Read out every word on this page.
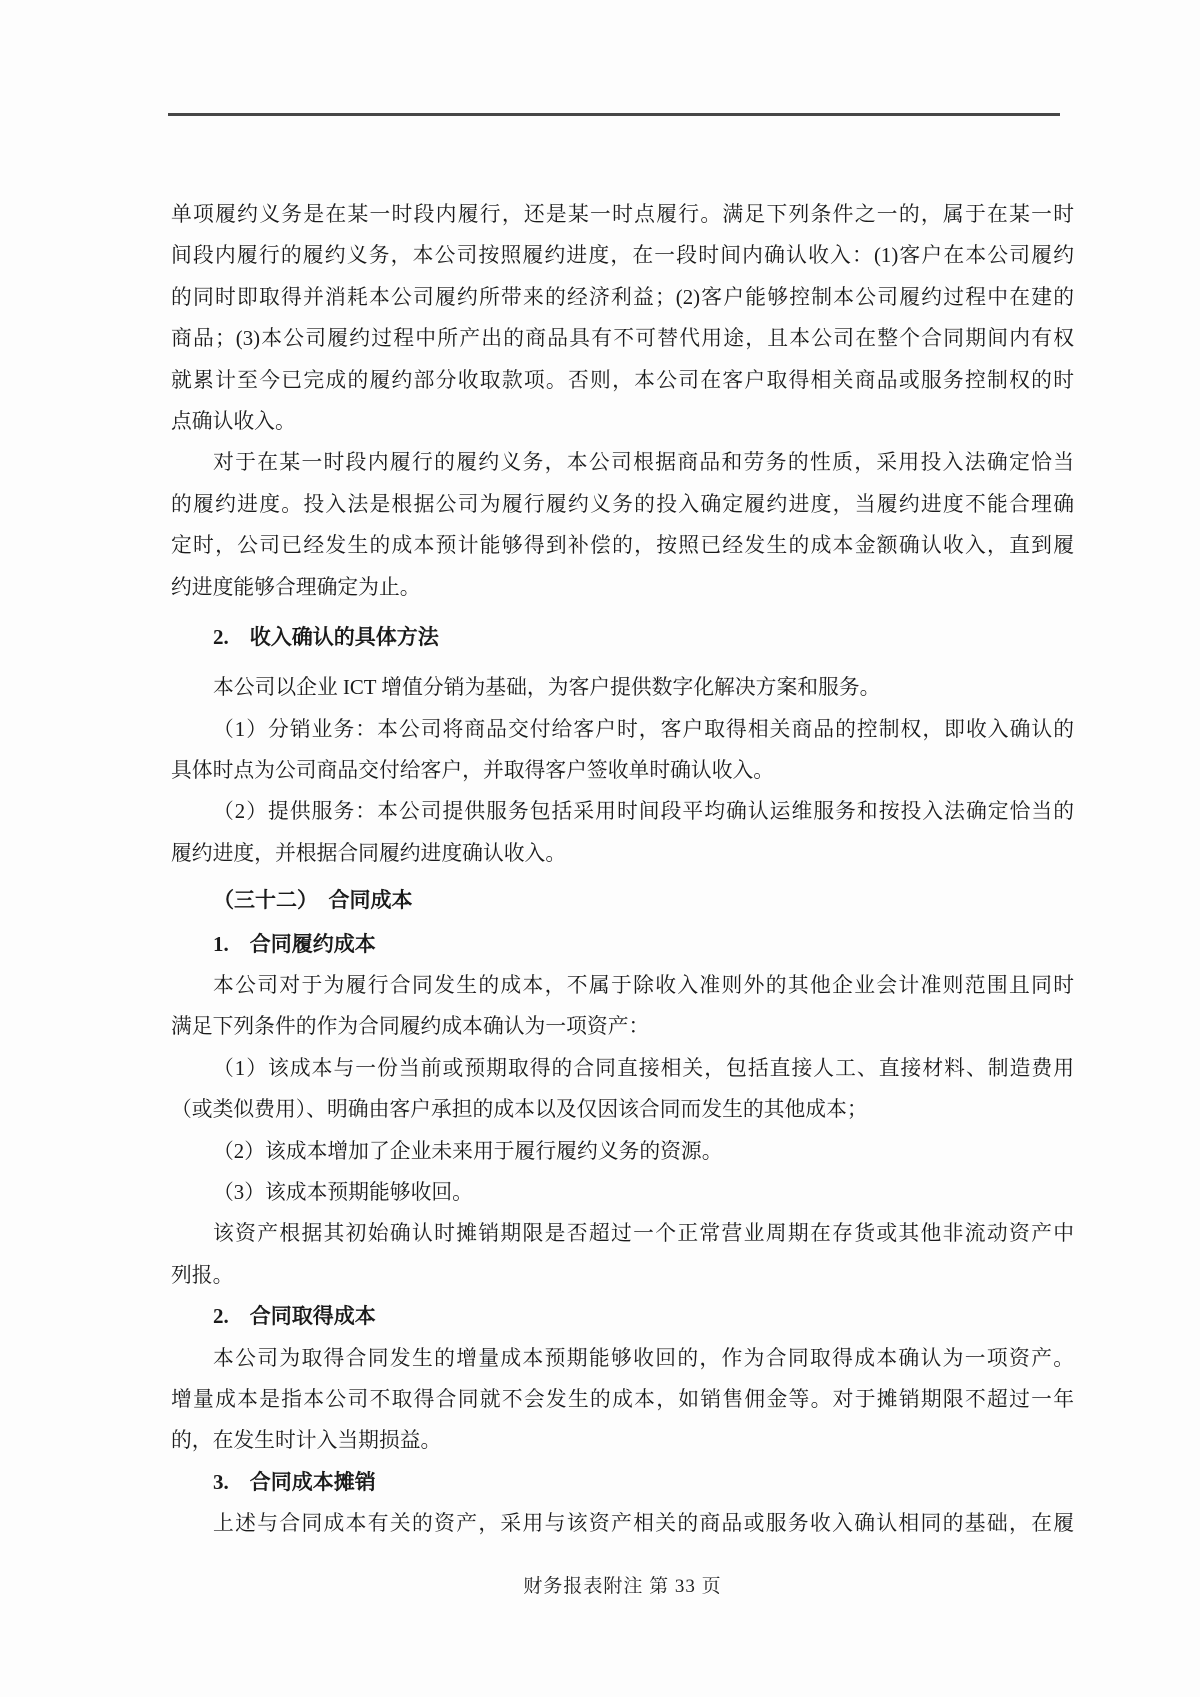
单项履约义务是在某一时段内履行，还是某一时点履行。满足下列条件之一的，属于在某一时
间段内履行的履约义务，本公司按照履约进度，在一段时间内确认收入：(1)客户在本公司履约
的同时即取得并消耗本公司履约所带来的经济利益；(2)客户能够控制本公司履约过程中在建的
商品；(3)本公司履约过程中所产出的商品具有不可替代用途，且本公司在整个合同期间内有权
就累计至今已完成的履约部分收取款项。否则，本公司在客户取得相关商品或服务控制权的时
点确认收入。
对于在某一时段内履行的履约义务，本公司根据商品和劳务的性质，采用投入法确定恰当
的履约进度。投入法是根据公司为履行履约义务的投入确定履约进度，当履约进度不能合理确
定时，公司已经发生的成本预计能够得到补偿的，按照已经发生的成本金额确认收入，直到履
约进度能够合理确定为止。
2.　收入确认的具体方法
本公司以企业 ICT 增值分销为基础，为客户提供数字化解决方案和服务。
（1）分销业务：本公司将商品交付给客户时，客户取得相关商品的控制权，即收入确认的
具体时点为公司商品交付给客户，并取得客户签收单时确认收入。
（2）提供服务：本公司提供服务包括采用时间段平均确认运维服务和按投入法确定恰当的
履约进度，并根据合同履约进度确认收入。
（三十二）　合同成本
1.　合同履约成本
本公司对于为履行合同发生的成本，不属于除收入准则外的其他企业会计准则范围且同时
满足下列条件的作为合同履约成本确认为一项资产：
（1）该成本与一份当前或预期取得的合同直接相关，包括直接人工、直接材料、制造费用
（或类似费用）、明确由客户承担的成本以及仅因该合同而发生的其他成本；
（2）该成本增加了企业未来用于履行履约义务的资源。
（3）该成本预期能够收回。
该资产根据其初始确认时摊销期限是否超过一个正常营业周期在存货或其他非流动资产中
列报。
2.　合同取得成本
本公司为取得合同发生的增量成本预期能够收回的，作为合同取得成本确认为一项资产。
增量成本是指本公司不取得合同就不会发生的成本，如销售佣金等。对于摊销期限不超过一年
的，在发生时计入当期损益。
3.　合同成本摊销
上述与合同成本有关的资产，采用与该资产相关的商品或服务收入确认相同的基础，在履
财务报表附注 第 33 页
